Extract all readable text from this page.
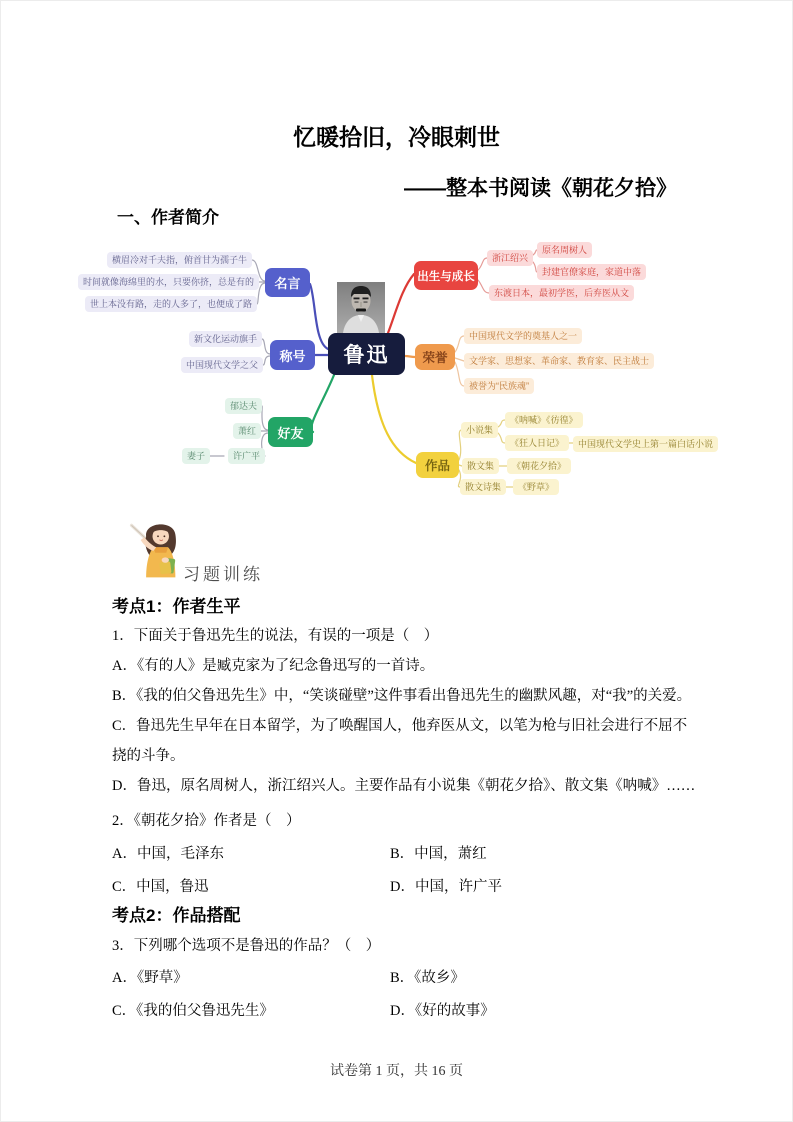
忆暖拾旧，冷眼刺世
——整本书阅读《朝花夕拾》
一、作者简介
鲁迅
名言
称号
好友
出生与成长
荣誉
作品
横眉冷对千夫指，俯首甘为孺子牛
时间就像海绵里的水，只要你挤，总是有的
世上本没有路，走的人多了，也便成了路
新文化运动旗手
中国现代文学之父
郁达夫
萧红
许广平
妻子
浙江绍兴
原名周树人
封建官僚家庭，家道中落
东渡日本，最初学医，后弃医从文
中国现代文学的奠基人之一
文学家、思想家、革命家、教育家、民主战士
被誉为“民族魂”
小说集
《呐喊》《彷徨》
《狂人日记》	中国现代文学史上第一篇白话小说
散文集	《朝花夕拾》
散文诗集	《野草》
习题训练
考点1：作者生平
1．下面关于鲁迅先生的说法，有误的一项是（　）
A．《有的人》是臧克家为了纪念鲁迅写的一首诗。
B．《我的伯父鲁迅先生》中，“笑谈碰壁”这件事看出鲁迅先生的幽默风趣，对“我”的关爱。
C．鲁迅先生早年在日本留学，为了唤醒国人，他弃医从文，以笔为枪与旧社会进行不屈不挠的斗争。
D．鲁迅，原名周树人，浙江绍兴人。主要作品有小说集《朝花夕拾》、散文集《呐喊》……
2．《朝花夕拾》作者是（　）
A．中国，毛泽东	B．中国，萧红
C．中国，鲁迅	D．中国，许广平
考点2：作品搭配
3．下列哪个选项不是鲁迅的作品？（　）
A．《野草》	B．《故乡》
C．《我的伯父鲁迅先生》	D．《好的故事》
试卷第 1 页，共 16 页
